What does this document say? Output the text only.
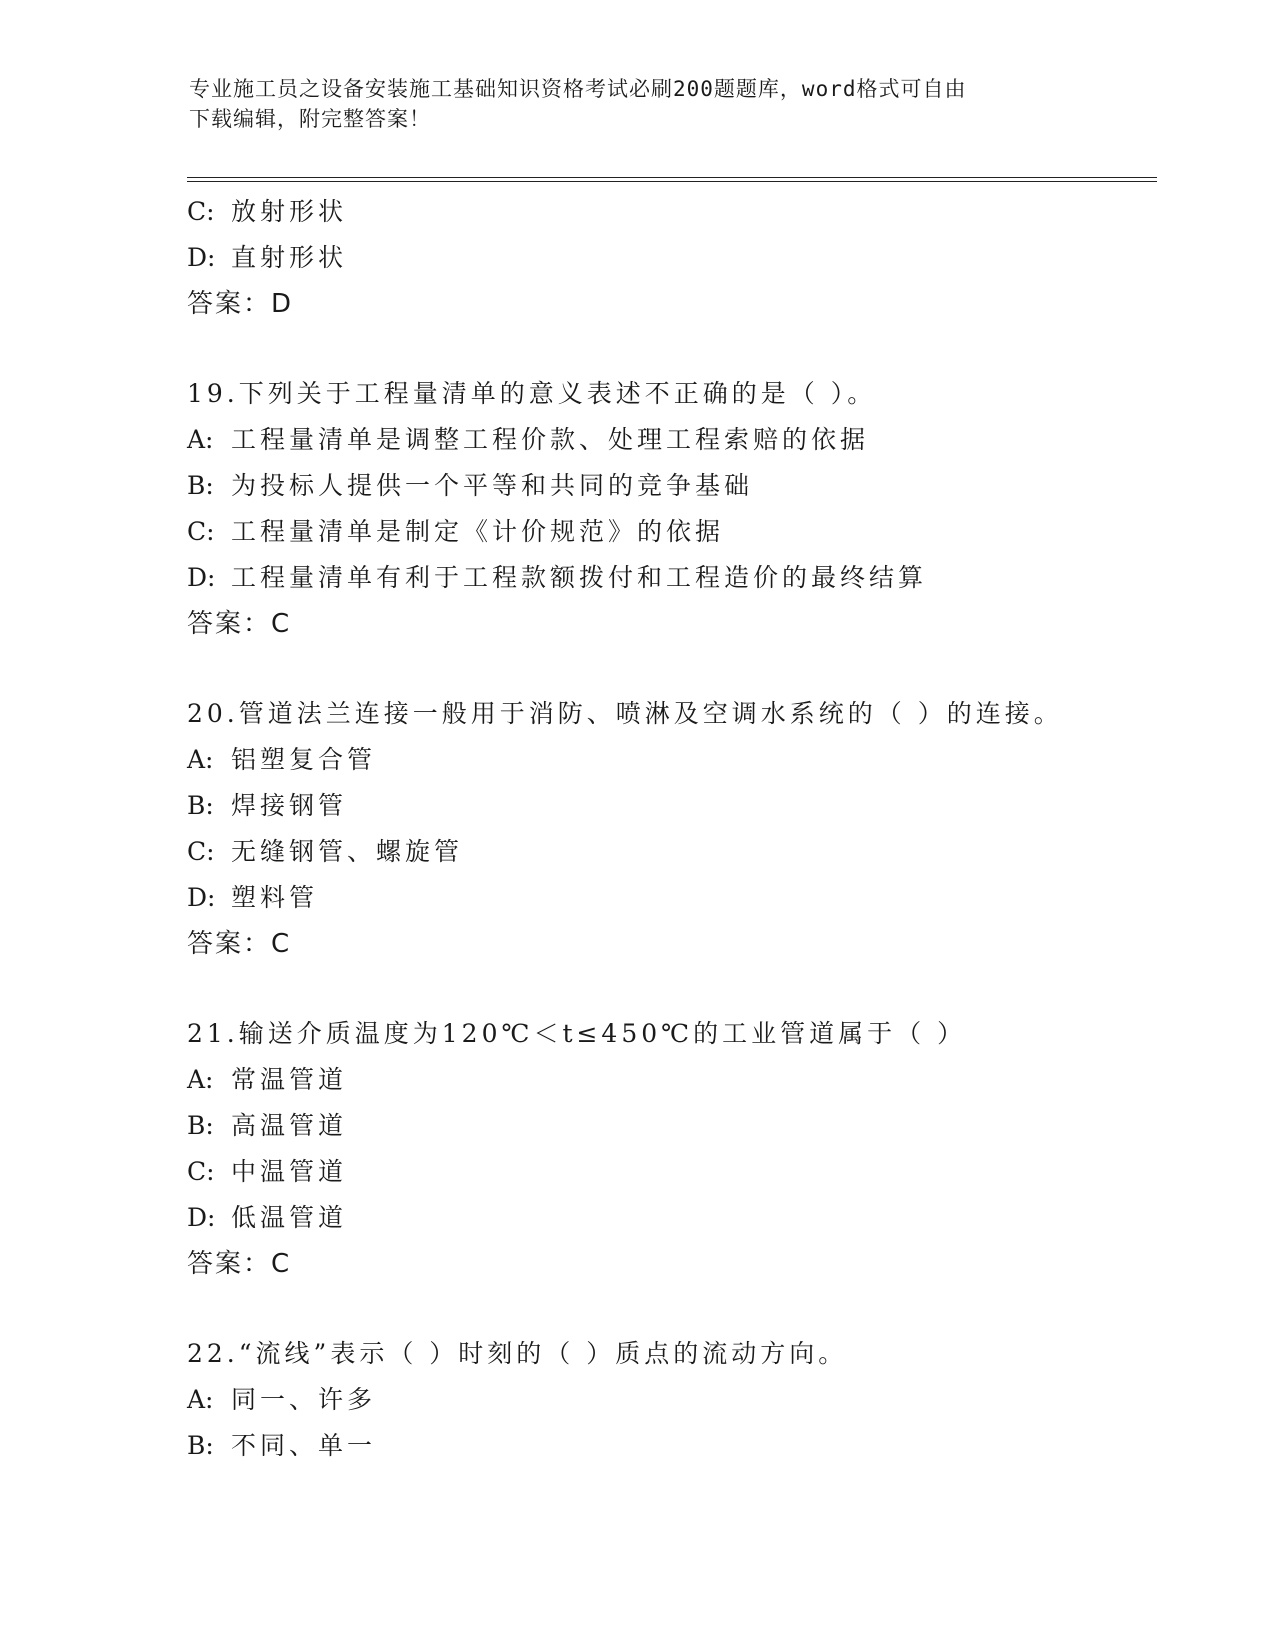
专业施工员之设备安装施工基础知识资格考试必刷200题题库，word格式可自由
下载编辑，附完整答案！
C: 放射形状
D: 直射形状
答案：D
19.下列关于工程量清单的意义表述不正确的是（ ）。
A: 工程量清单是调整工程价款、处理工程索赔的依据
B: 为投标人提供一个平等和共同的竞争基础
C: 工程量清单是制定《计价规范》的依据
D: 工程量清单有利于工程款额拨付和工程造价的最终结算
答案：C
20.管道法兰连接一般用于消防、喷淋及空调水系统的（ ）的连接。
A: 铝塑复合管
B: 焊接钢管
C: 无缝钢管、螺旋管
D: 塑料管
答案：C
21.输送介质温度为120℃＜t≤450℃的工业管道属于（ ）
A: 常温管道
B: 高温管道
C: 中温管道
D: 低温管道
答案：C
22.“流线”表示（ ）时刻的（ ）质点的流动方向。
A: 同一、许多
B: 不同、单一
